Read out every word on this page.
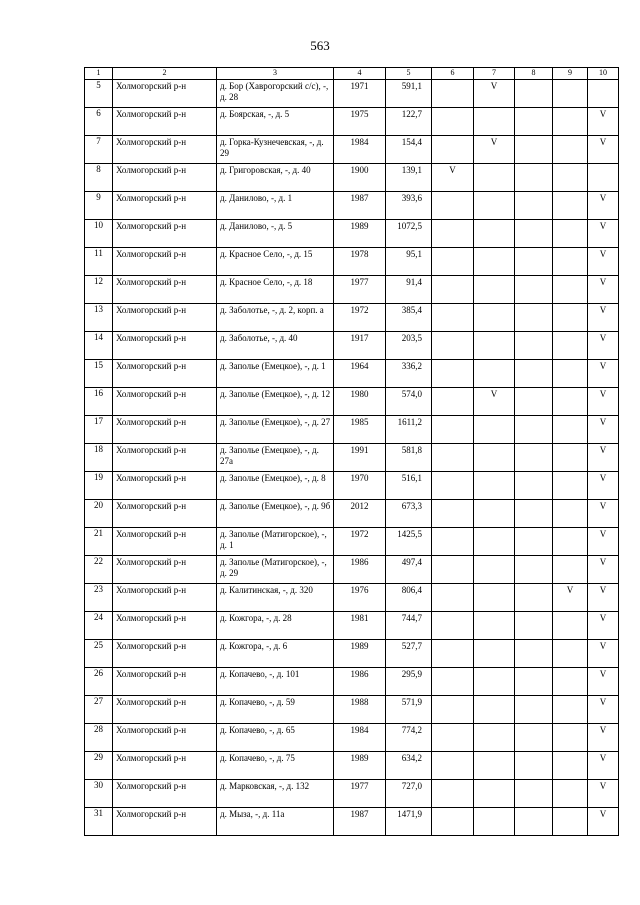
563
1	2	3	4	5	6	7	8	9	10
5	Холмогорский р-н	д. Бор (Хаврогорский с/с), -, д. 28	1971	591,1		V			
6	Холмогорский р-н	д. Боярская, -, д. 5	1975	122,7					V
7	Холмогорский р-н	д. Горка-Кузнечевская, -, д. 29	1984	154,4		V			V
8	Холмогорский р-н	д. Григоровская, -, д. 40	1900	139,1	V				
9	Холмогорский р-н	д. Данилово, -, д. 1	1987	393,6					V
10	Холмогорский р-н	д. Данилово, -, д. 5	1989	1072,5					V
11	Холмогорский р-н	д. Красное Село, -, д. 15	1978	95,1					V
12	Холмогорский р-н	д. Красное Село, -, д. 18	1977	91,4					V
13	Холмогорский р-н	д. Заболотье, -, д. 2, корп. а	1972	385,4					V
14	Холмогорский р-н	д. Заболотье, -, д. 40	1917	203,5					V
15	Холмогорский р-н	д. Заполье (Емецкое), -, д. 1	1964	336,2					V
16	Холмогорский р-н	д. Заполье (Емецкое), -, д. 12	1980	574,0		V			V
17	Холмогорский р-н	д. Заполье (Емецкое), -, д. 27	1985	1611,2					V
18	Холмогорский р-н	д. Заполье (Емецкое), -, д. 27а	1991	581,8					V
19	Холмогорский р-н	д. Заполье (Емецкое), -, д. 8	1970	516,1					V
20	Холмогорский р-н	д. Заполье (Емецкое), -, д. 9б	2012	673,3					V
21	Холмогорский р-н	д. Заполье (Матигорское), -, д. 1	1972	1425,5					V
22	Холмогорский р-н	д. Заполье (Матигорское), -, д. 29	1986	497,4					V
23	Холмогорский р-н	д. Калитинская, -, д. 320	1976	806,4				V	V
24	Холмогорский р-н	д. Кожгора, -, д. 28	1981	744,7					V
25	Холмогорский р-н	д. Кожгора, -, д. 6	1989	527,7					V
26	Холмогорский р-н	д. Копачево, -, д. 101	1986	295,9					V
27	Холмогорский р-н	д. Копачево, -, д. 59	1988	571,9					V
28	Холмогорский р-н	д. Копачево, -, д. 65	1984	774,2					V
29	Холмогорский р-н	д. Копачево, -, д. 75	1989	634,2					V
30	Холмогорский р-н	д. Марковская, -, д. 132	1977	727,0					V
31	Холмогорский р-н	д. Мыза, -, д. 11а	1987	1471,9					V
